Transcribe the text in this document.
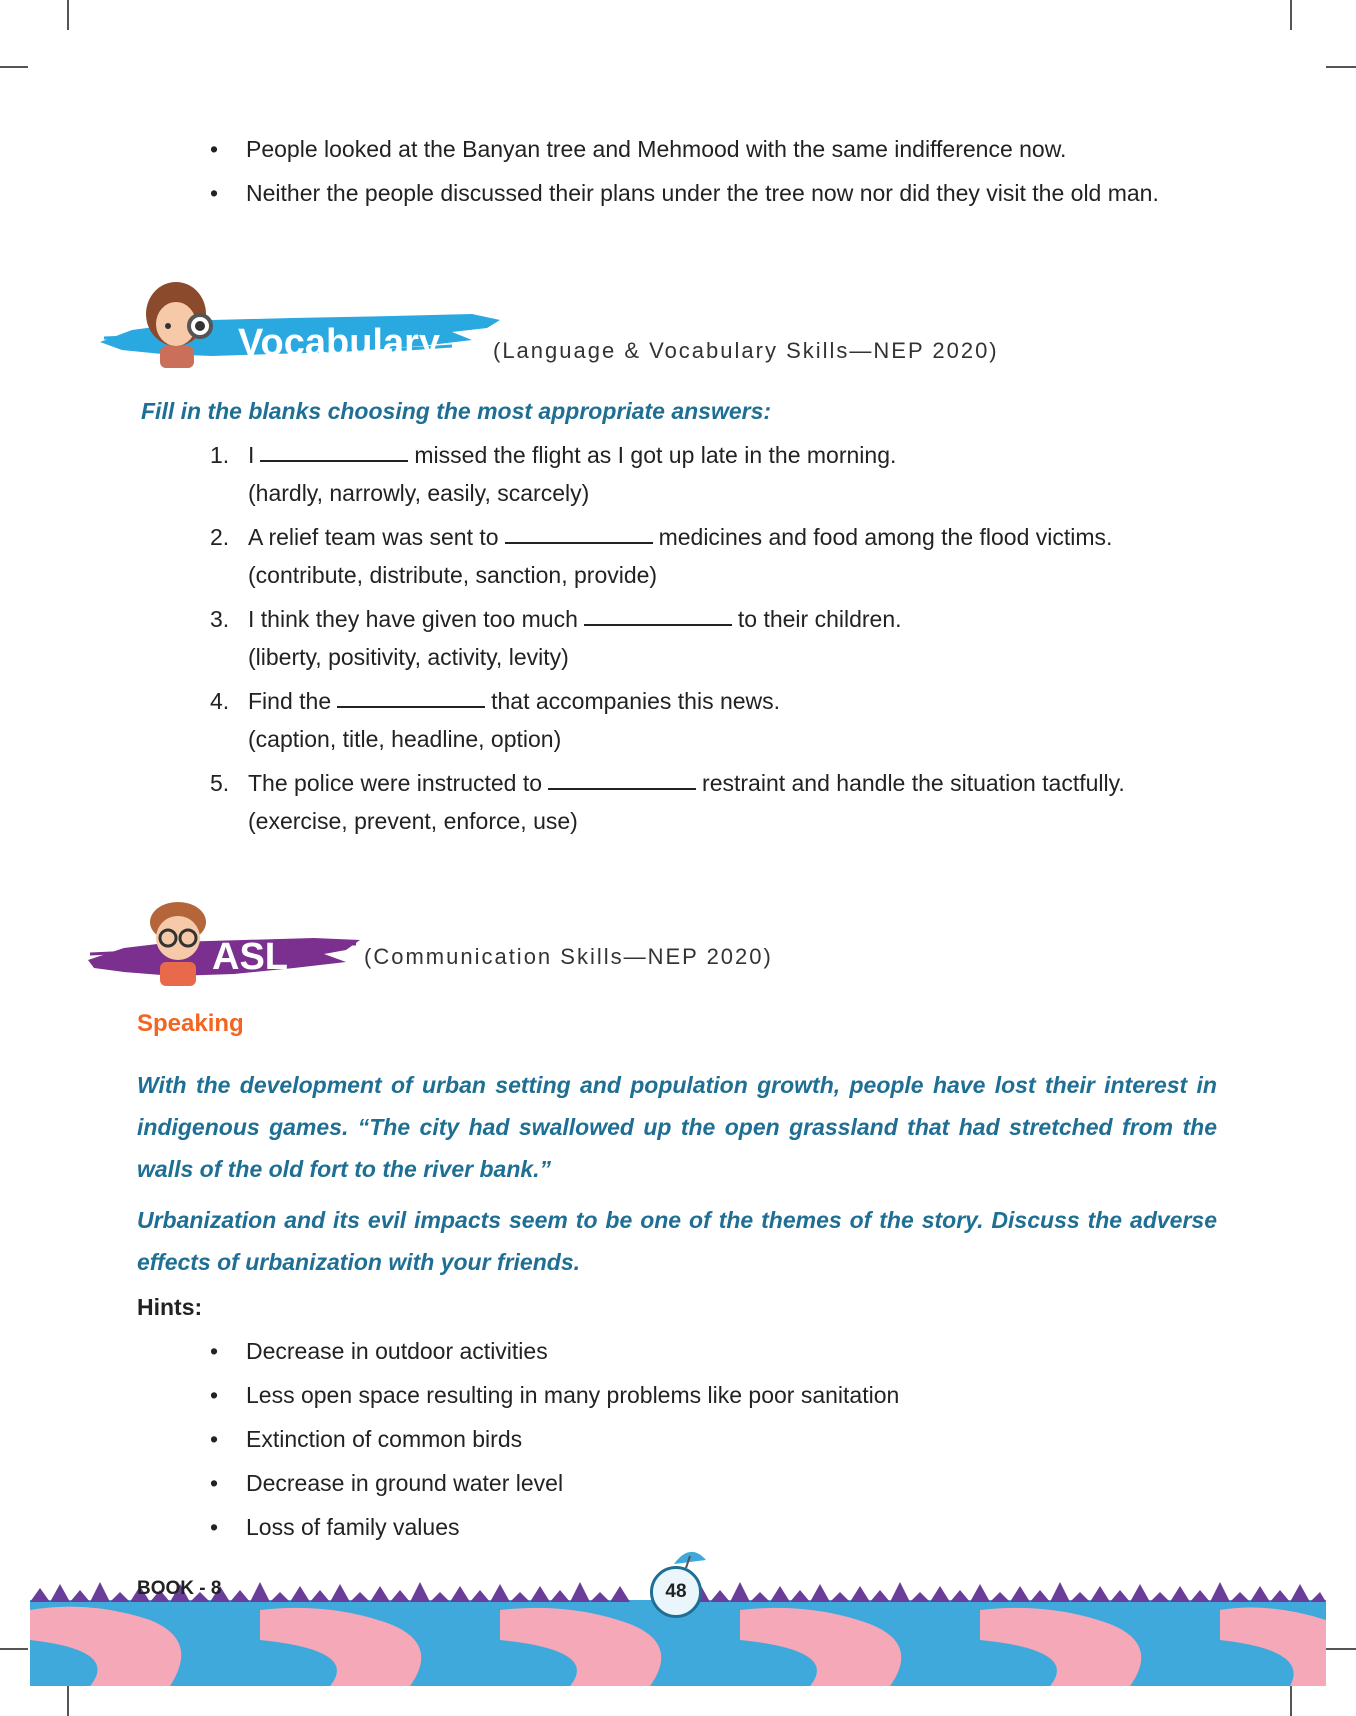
• People looked at the Banyan tree and Mehmood with the same indifference now.
• Neither the people discussed their plans under the tree now nor did they visit the old man.
Vocabulary (Language & Vocabulary Skills—NEP 2020)
Fill in the blanks choosing the most appropriate answers:
1. I	missed the flight as I got up late in the morning.
(hardly, narrowly, easily, scarcely)
2. A relief team was sent to	medicines and food among the flood victims.
(contribute, distribute, sanction, provide)
3. I think they have given too much	to their children.
(liberty, positivity, activity, levity)
4. Find the	that accompanies this news.
(caption, title, headline, option)
5. The police were instructed to	restraint and handle the situation tactfully.
(exercise, prevent, enforce, use)
ASL	(Communication Skills—NEP 2020)
Speaking
With the development of urban setting and population growth, people have lost their interest in indigenous games. “The city had swallowed up the open grassland that had stretched from the walls of the old fort to the river bank.”
Urbanization and its evil impacts seem to be one of the themes of the story. Discuss the adverse effects of urbanization with your friends.
Hints:
• Decrease in outdoor activities
• Less open space resulting in many problems like poor sanitation
• Extinction of common birds
• Decrease in ground water level
• Loss of family values
BOOK - 8	48
